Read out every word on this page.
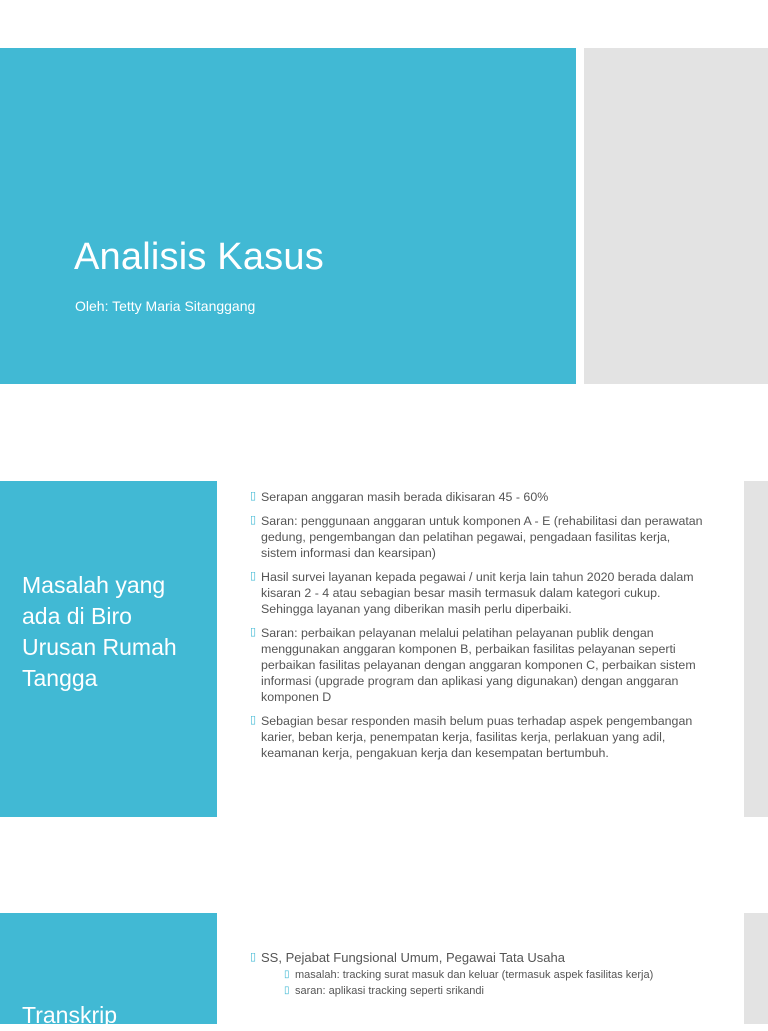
Analisis Kasus

Oleh: Tetty Maria Sitanggang

Masalah yang ada di Biro Urusan Rumah Tangga
▯ Serapan anggaran masih berada dikisaran 45 - 60%
▯ Saran: penggunaan anggaran untuk komponen A - E (rehabilitasi dan perawatan gedung, pengembangan dan pelatihan pegawai, pengadaan fasilitas kerja, sistem informasi dan kearsipan)
▯ Hasil survei layanan kepada pegawai / unit kerja lain tahun 2020 berada dalam kisaran 2 - 4 atau sebagian besar masih termasuk dalam kategori cukup. Sehingga layanan yang diberikan masih perlu diperbaiki.
▯ Saran: perbaikan pelayanan melalui pelatihan pelayanan publik dengan menggunakan anggaran komponen B, perbaikan fasilitas pelayanan seperti perbaikan fasilitas pelayanan dengan anggaran komponen C, perbaikan sistem informasi (upgrade program dan aplikasi yang digunakan) dengan anggaran komponen D
▯ Sebagian besar responden masih belum puas terhadap aspek pengembangan karier, beban kerja, penempatan kerja, fasilitas kerja, perlakuan yang adil, keamanan kerja, pengakuan kerja dan kesempatan bertumbuh.
Transkrip
▯ SS, Pejabat Fungsional Umum, Pegawai Tata Usaha
▯ masalah: tracking surat masuk dan keluar (termasuk aspek fasilitas kerja)
▯ saran: aplikasi tracking seperti srikandi
